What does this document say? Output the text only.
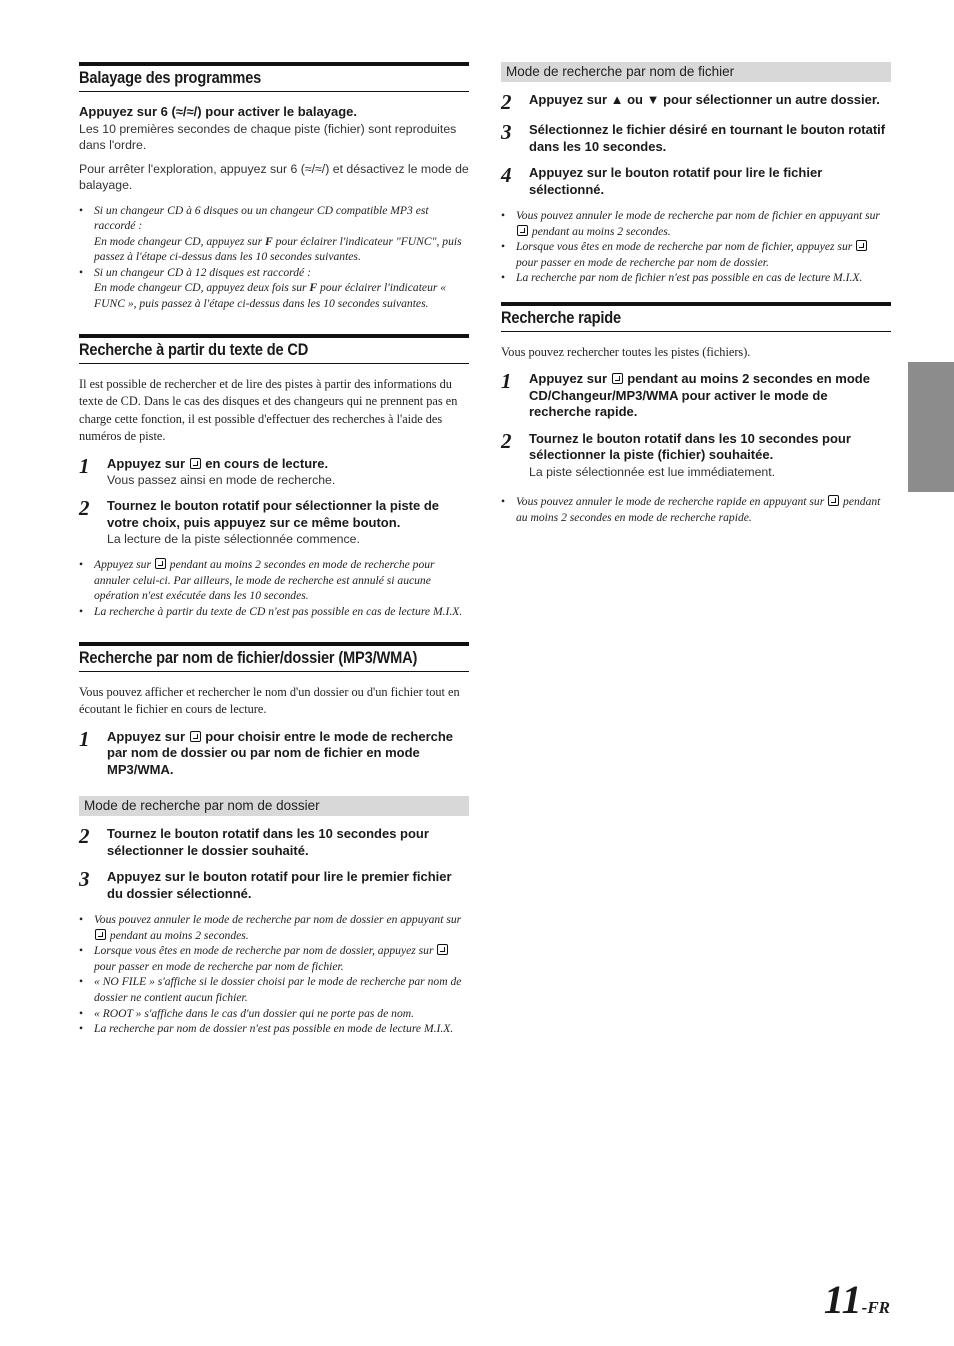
Balayage des programmes
Appuyez sur 6 (≈/≈/) pour activer le balayage.
Les 10 premières secondes de chaque piste (fichier) sont reproduites dans l'ordre.
Pour arrêter l'exploration, appuyez sur 6 (≈/≈/) et désactivez le mode de balayage.
• Si un changeur CD à 6 disques ou un changeur CD compatible MP3 est raccordé :
En mode changeur CD, appuyez sur F pour éclairer l'indicateur "FUNC", puis passez à l'étape ci-dessus dans les 10 secondes suivantes.
• Si un changeur CD à 12 disques est raccordé :
En mode changeur CD, appuyez deux fois sur F pour éclairer l'indicateur « FUNC », puis passez à l'étape ci-dessus dans les 10 secondes suivantes.
Recherche à partir du texte de CD
Il est possible de rechercher et de lire des pistes à partir des informations du texte de CD. Dans le cas des disques et des changeurs qui ne prennent pas en charge cette fonction, il est possible d'effectuer des recherches à l'aide des numéros de piste.
1	Appuyez sur  en cours de lecture.
Vous passez ainsi en mode de recherche.
2	Tournez le bouton rotatif pour sélectionner la piste de votre choix, puis appuyez sur ce même bouton.
La lecture de la piste sélectionnée commence.
• Appuyez sur  pendant au moins 2 secondes en mode de recherche pour annuler celui-ci. Par ailleurs, le mode de recherche est annulé si aucune opération n'est exécutée dans les 10 secondes.
• La recherche à partir du texte de CD n'est pas possible en cas de lecture M.I.X.
Recherche par nom de fichier/dossier (MP3/WMA)
Vous pouvez afficher et rechercher le nom d'un dossier ou d'un fichier tout en écoutant le fichier en cours de lecture.
1	Appuyez sur  pour choisir entre le mode de recherche par nom de dossier ou par nom de fichier en mode MP3/WMA.
Mode de recherche par nom de dossier
2	Tournez le bouton rotatif dans les 10 secondes pour sélectionner le dossier souhaité.
3	Appuyez sur le bouton rotatif pour lire le premier fichier du dossier sélectionné.
• Vous pouvez annuler le mode de recherche par nom de dossier en appuyant sur  pendant au moins 2 secondes.
• Lorsque vous êtes en mode de recherche par nom de dossier, appuyez sur  pour passer en mode de recherche par nom de fichier.
• « NO FILE » s'affiche si le dossier choisi par le mode de recherche par nom de dossier ne contient aucun fichier.
• « ROOT » s'affiche dans le cas d'un dossier qui ne porte pas de nom.
• La recherche par nom de dossier n'est pas possible en mode de lecture M.I.X.
Mode de recherche par nom de fichier
2	Appuyez sur ▲ ou ▼ pour sélectionner un autre dossier.
3	Sélectionnez le fichier désiré en tournant le bouton rotatif dans les 10 secondes.
4	Appuyez sur le bouton rotatif pour lire le fichier sélectionné.
• Vous pouvez annuler le mode de recherche par nom de fichier en appuyant sur  pendant au moins 2 secondes.
• Lorsque vous êtes en mode de recherche par nom de fichier, appuyez sur  pour passer en mode de recherche par nom de dossier.
• La recherche par nom de fichier n'est pas possible en cas de lecture M.I.X.
Recherche rapide
Vous pouvez rechercher toutes les pistes (fichiers).
1	Appuyez sur  pendant au moins 2 secondes en mode CD/Changeur/MP3/WMA pour activer le mode de recherche rapide.
2	Tournez le bouton rotatif dans les 10 secondes pour sélectionner la piste (fichier) souhaitée.
La piste sélectionnée est lue immédiatement.
• Vous pouvez annuler le mode de recherche rapide en appuyant sur  pendant au moins 2 secondes en mode de recherche rapide.
11-FR
